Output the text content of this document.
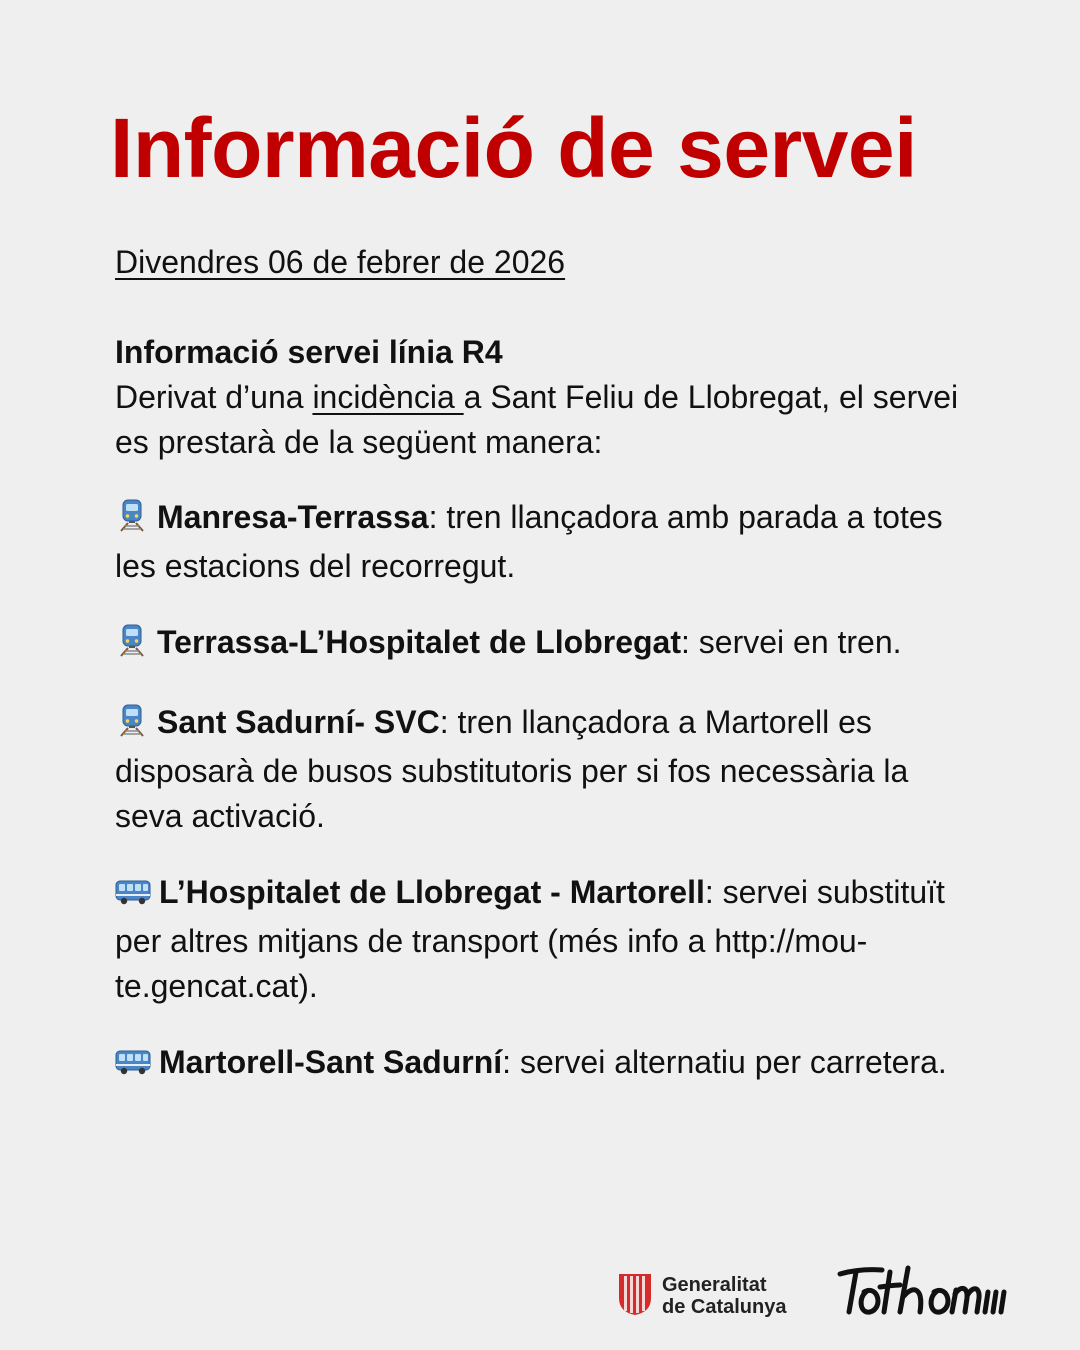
Informació de servei
Divendres 06 de febrer de 2026

Informació servei línia R4
Derivat d’una incidència a Sant Feliu de Llobregat, el servei es prestarà de la següent manera:

Manresa-Terrassa: tren llançadora amb parada a totes les estacions del recorregut.

Terrassa-L’Hospitalet de Llobregat: servei en tren.

Sant Sadurní- SVC: tren llançadora a Martorell es disposarà de busos substitutoris per si fos necessària la seva activació.

L’Hospitalet de Llobregat - Martorell: servei substituït per altres mitjans de transport (més info a http://mou-te.gencat.cat).

Martorell-Sant Sadurní: servei alternatiu per carretera.

Generalitat
de Catalunya
